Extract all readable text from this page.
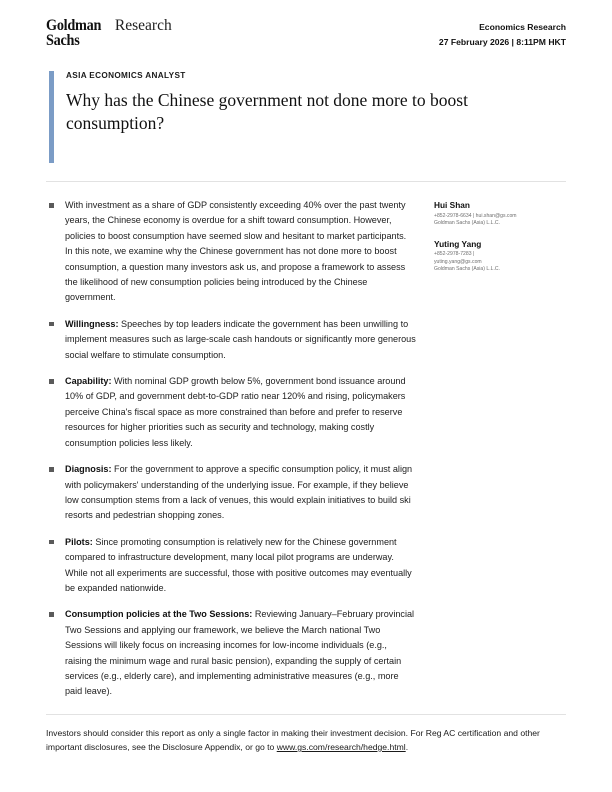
Goldman
Sachs
Research	Economics Research
27 February 2026 | 8:11PM HKT
ASIA ECONOMICS ANALYST
Why has the Chinese government not done more to boost consumption?
With investment as a share of GDP consistently exceeding 40% over the past twenty years, the Chinese economy is overdue for a shift toward consumption. However, policies to boost consumption have seemed slow and hesitant to market participants. In this note, we examine why the Chinese government has not done more to boost consumption, a question many investors ask us, and propose a framework to assess the likelihood of new consumption policies being introduced by the Chinese government.
Willingness: Speeches by top leaders indicate the government has been unwilling to implement measures such as large-scale cash handouts or significantly more generous social welfare to stimulate consumption.
Capability: With nominal GDP growth below 5%, government bond issuance around 10% of GDP, and government debt-to-GDP ratio near 120% and rising, policymakers perceive China's fiscal space as more constrained than before and prefer to reserve resources for higher priorities such as security and technology, making costly consumption policies less likely.
Diagnosis: For the government to approve a specific consumption policy, it must align with policymakers' understanding of the underlying issue. For example, if they believe low consumption stems from a lack of venues, this would explain initiatives to build ski resorts and pedestrian shopping zones.
Pilots: Since promoting consumption is relatively new for the Chinese government compared to infrastructure development, many local pilot programs are underway. While not all experiments are successful, those with positive outcomes may eventually be expanded nationwide.
Consumption policies at the Two Sessions: Reviewing January–February provincial Two Sessions and applying our framework, we believe the March national Two Sessions will likely focus on increasing incomes for low-income individuals (e.g., raising the minimum wage and rural basic pension), expanding the supply of certain services (e.g., elderly care), and implementing administrative measures (e.g., more paid leave).
Hui Shan
+852-2978-6634 | hui.shan@gs.com
Goldman Sachs (Asia) L.L.C.
Yuting Yang
+852-2978-7283 |
yuting.yang@gs.com
Goldman Sachs (Asia) L.L.C.
Investors should consider this report as only a single factor in making their investment decision. For Reg AC certification and other important disclosures, see the Disclosure Appendix, or go to www.gs.com/research/hedge.html.
